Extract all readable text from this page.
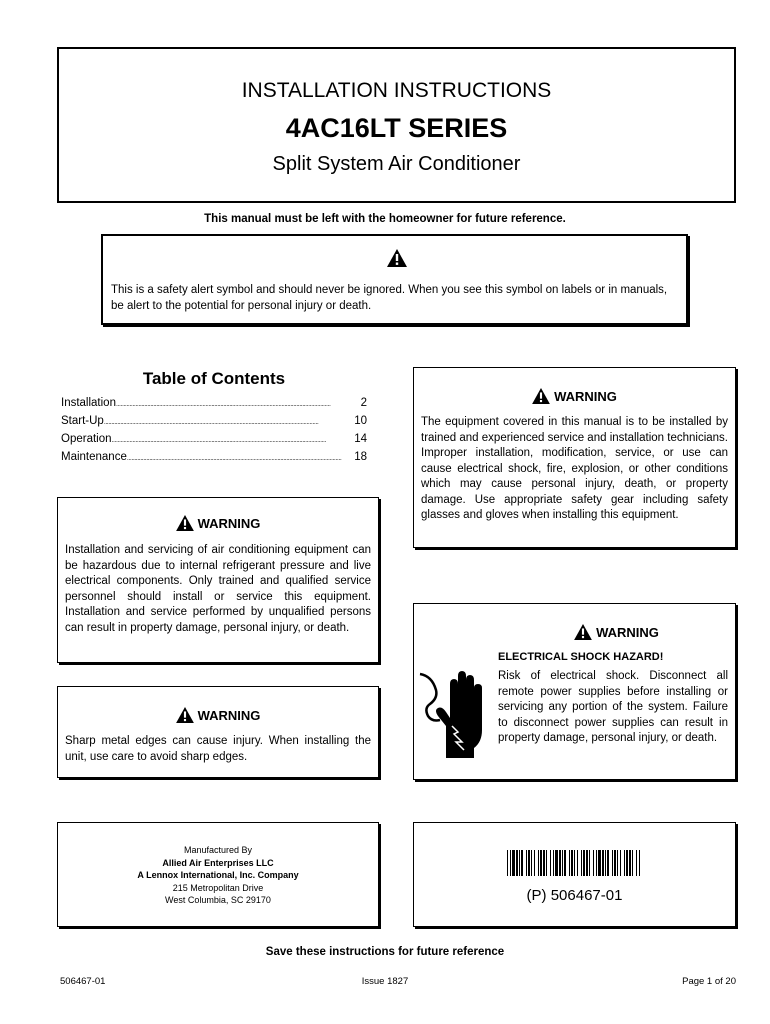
INSTALLATION INSTRUCTIONS
4AC16LT SERIES
Split System Air Conditioner
This manual must be left with the homeowner for future reference.
This is a safety alert symbol and should never be ignored. When you see this symbol on labels or in manuals, be alert to the potential for personal injury or death.
Table of Contents
Installation . . .	2
Start-Up . . .	10
Operation . . .	14
Maintenance . . .	18
WARNING
The equipment covered in this manual is to be installed by trained and experienced service and installation technicians. Improper installation, modification, service, or use can cause electrical shock, fire, explosion, or other conditions which may cause personal injury, death, or property damage. Use appropriate safety gear including safety glasses and gloves when installing this equipment.
WARNING
Installation and servicing of air conditioning equipment can be hazardous due to internal refrigerant pressure and live electrical components. Only trained and qualified service personnel should install or service this equipment. Installation and service performed by unqualified persons can result in property damage, personal injury, or death.	WARNING
ELECTRICAL SHOCK HAZARD!
Risk of electrical shock. Disconnect all remote power supplies before installing or servicing any portion of the system. Failure to disconnect power supplies can result in property damage, personal injury, or death.
WARNING
Sharp metal edges can cause injury. When installing the unit, use care to avoid sharp edges.
Manufactured By
Allied Air Enterprises LLC
A Lennox International, Inc. Company
215 Metropolitan Drive
West Columbia, SC 29170	(P) 506467-01
Save these instructions for future reference
506467-01	Issue 1827	Page 1 of 20
